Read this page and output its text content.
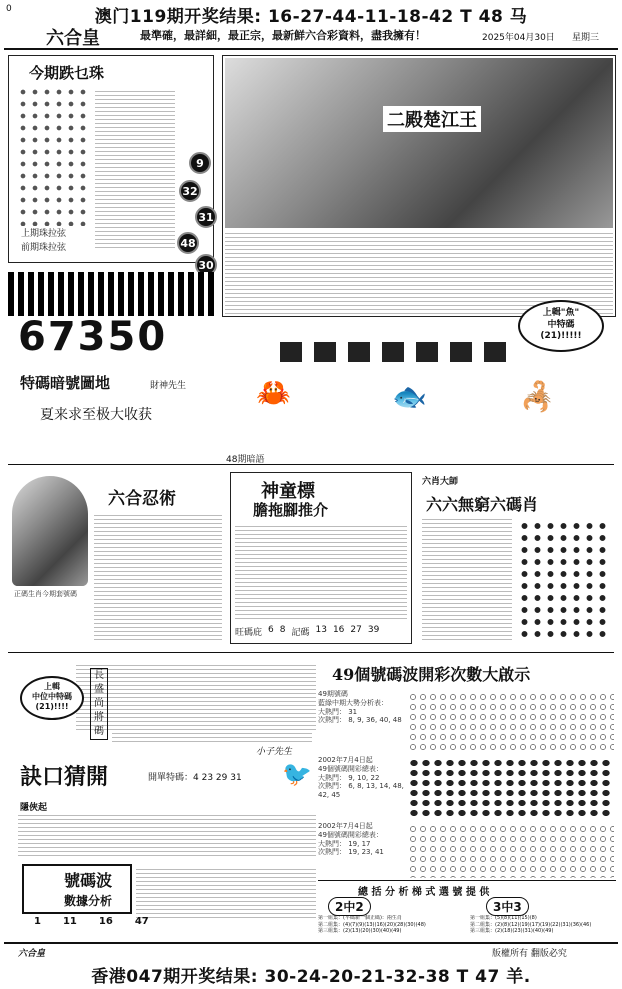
0	澳门119期开奖结果: 16-27-44-11-18-42 T 48 马
六合皇	最準確，最詳細，最正宗，最新鮮六合彩資料，盡我擁有！	2025年04月30日 星期三
今期跌乜珠
9
32
31
48
30
上期珠拉弦
前期珠拉弦
二殿楚江王
67350
特碼暗號圖地	財神先生
夏来求至极大收获
上輯"魚"
中特碼
(21)!!!!!
🦀	🐟	🦂
48期暗語
六合忍術
正碼生肖今期套號碼
神童標
膽拖腳推介
旺碼庇 6 8 記碼 13 16 27 39
六肖大師
六六無窮六碼肖
上輯
中位中特碼
(21)!!!!
長
盛
尚
將
碼
小子先生
訣口猜開	開單特碼：4 23 29 31 🐦
隱俠起
號碼波
數據分析
1 11 16 47
49個號碼波開彩次數大啟示
49期號碼
藍綠中期大勢分析表：
大熱門： 31
次熱門： 8, 9, 36, 40, 48
2002年7月4日起
49個號碼開彩總表：
大熱門： 9, 10, 22
次熱門： 6, 8, 13, 14, 48, 42, 45
2002年7月4日起
49個號碼開彩總表：
大熱門： 19, 17
次熱門： 19, 23, 41
總 括 分 析 梯 式 選 號 提 供
2中2	3中3
第一組集：(平碼新一個正碼)：兩生肖
第二組集：(4)(7)(9)(13)(16)(20)(28)(30)(48)
第三組集：(2)(13)(20)(30)(40)(49)
第一組集：(5)(8)(11)(15)(8)
第二組集：(2)(8)(12)(19)(17)(19)(22)(31)(36)(46)
第三組集：(2)(18)(23)(31)(40)(49)
六合皇	版權所有 翻版必究
香港047期开奖结果: 30-24-20-21-32-38 T 47 羊.
